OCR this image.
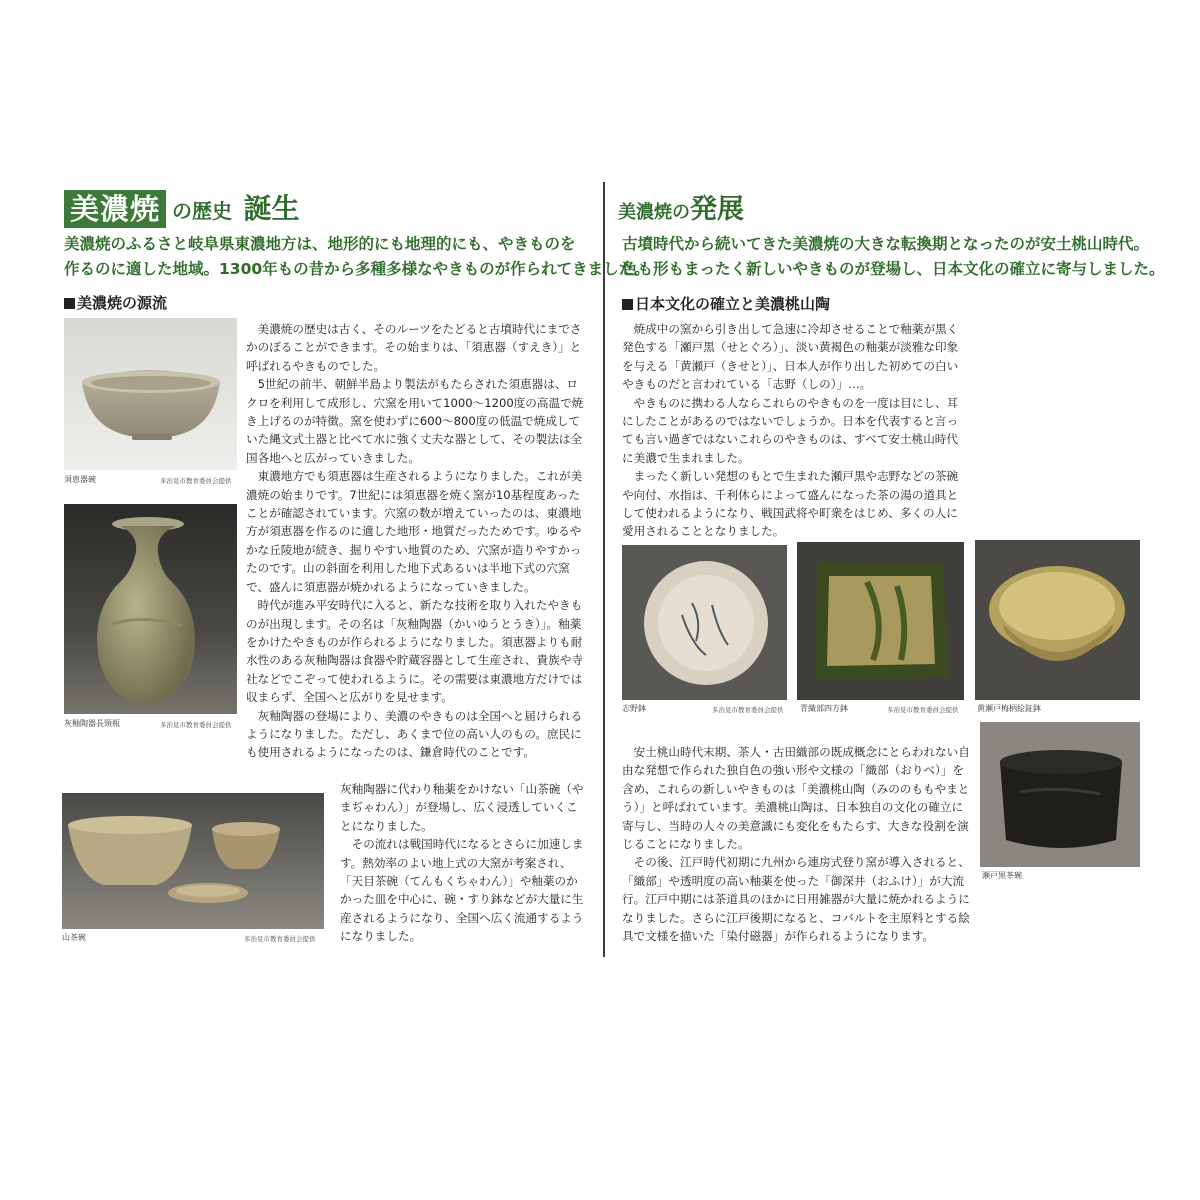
美濃焼 の歴史 誕生
美濃焼のふるさと岐阜県東濃地方は、地形的にも地理的にも、やきものを
作るのに適した地域。1300年もの昔から多種多様なやきものが作られてきました。
美濃焼の源流
須恵器碗	多治見市教育委員会提供
灰釉陶器長頸瓶	多治見市教育委員会提供

美濃焼の歴史は古く、そのルーツをたどると古墳時代にまでさかのぼることができます。その始まりは、「須恵器（すえき）」と呼ばれるやきものでした。

5世紀の前半、朝鮮半島より製法がもたらされた須恵器は、ロクロを利用して成形し、穴窯を用いて1000～1200度の高温で焼き上げるのが特徴。窯を使わずに600～800度の低温で焼成していた縄文式土器と比べて水に強く丈夫な器として、その製法は全国各地へと広がっていきました。

東濃地方でも須恵器は生産されるようになりました。これが美濃焼の始まりです。7世紀には須恵器を焼く窯が10基程度あったことが確認されています。穴窯の数が増えていったのは、東濃地方が須恵器を作るのに適した地形・地質だったためです。ゆるやかな丘陵地が続き、掘りやすい地質のため、穴窯が造りやすかったのです。山の斜面を利用した地下式あるいは半地下式の穴窯で、盛んに須恵器が焼かれるようになっていきました。

時代が進み平安時代に入ると、新たな技術を取り入れたやきものが出現します。その名は「灰釉陶器（かいゆうとうき）」。釉薬をかけたやきものが作られるようになりました。須恵器よりも耐水性のある灰釉陶器は食器や貯蔵容器として生産され、貴族や寺社などでこぞって使われるように。その需要は東濃地方だけでは収まらず、全国へと広がりを見せます。

灰釉陶器の登場により、美濃のやきものは全国へと届けられるようになりました。ただし、あくまで位の高い人のもの。庶民にも使用されるようになったのは、鎌倉時代のことです。

山茶碗	多治見市教育委員会提供

灰釉陶器に代わり釉薬をかけない「山茶碗（やまぢゃわん）」が登場し、広く浸透していくことになりました。

その流れは戦国時代になるとさらに加速します。熱効率のよい地上式の大窯が考案され、「天目茶碗（てんもくちゃわん）」や釉薬のかかった皿を中心に、碗・すり鉢などが大量に生産されるようになり、全国へ広く流通するようになりました。

美濃焼の発展
古墳時代から続いてきた美濃焼の大きな転換期となったのが安土桃山時代。
色も形もまったく新しいやきものが登場し、日本文化の確立に寄与しました。
日本文化の確立と美濃桃山陶

焼成中の窯から引き出して急速に冷却させることで釉薬が黒く発色する「瀬戸黒（せとぐろ）」、淡い黄褐色の釉薬が淡雅な印象を与える「黄瀬戸（きせと）」、日本人が作り出した初めての白いやきものだと言われている「志野（しの）」…。

やきものに携わる人ならこれらのやきものを一度は目にし、耳にしたことがあるのではないでしょうか。日本を代表すると言っても言い過ぎではないこれらのやきものは、すべて安土桃山時代に美濃で生まれました。

まったく新しい発想のもとで生まれた瀬戸黒や志野などの茶碗や向付、水指は、千利休らによって盛んになった茶の湯の道具として使われるようになり、戦国武将や町衆をはじめ、多くの人に愛用されることとなりました。

志野鉢	多治見市教育委員会提供 青織部四方鉢	多治見市教育委員会提供 黄瀬戸梅柄絵鉦鉢
瀬戸黒茶碗

安土桃山時代末期、茶人・古田織部の既成概念にとらわれない自由な発想で作られた独自色の強い形や文様の「織部（おりべ）」を含め、これらの新しいやきものは「美濃桃山陶（みののももやまとう）」と呼ばれています。美濃桃山陶は、日本独自の文化の確立に寄与し、当時の人々の美意識にも変化をもたらす、大きな役割を演じることになりました。

その後、江戸時代初期に九州から連房式登り窯が導入されると、「織部」や透明度の高い釉薬を使った「御深井（おふけ）」が大流行。江戸中期には茶道具のほかに日用雑器が大量に焼かれるようになりました。さらに江戸後期になると、コバルトを主原料とする絵具で文様を描いた「染付磁器」が作られるようになります。
